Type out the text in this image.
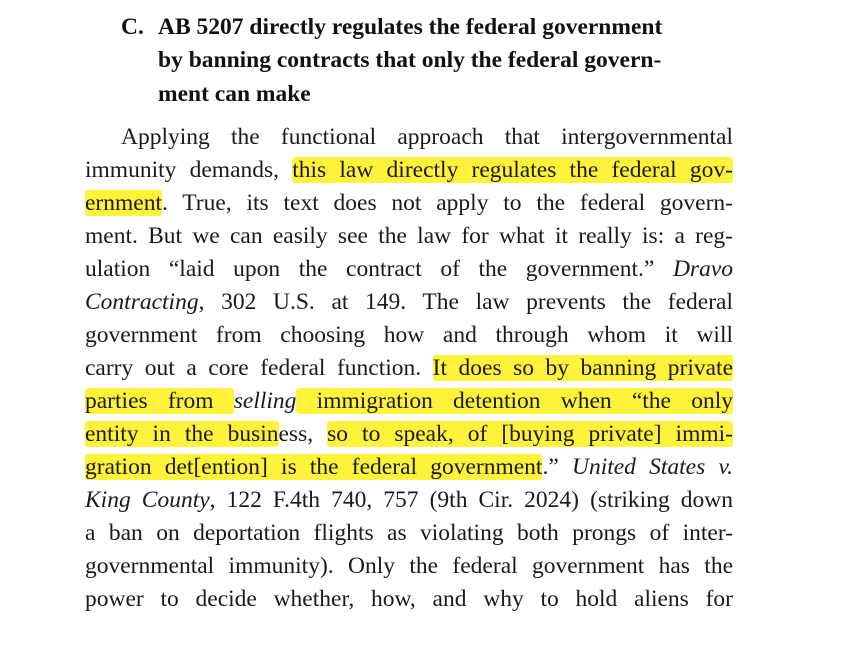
C. AB 5207 directly regulates the federal government
by banning contracts that only the federal govern-
ment can make
Applying the functional approach that intergovernmental
immunity demands, this law directly regulates the federal gov-
ernment. True, its text does not apply to the federal govern-
ment. But we can easily see the law for what it really is: a reg-
ulation “laid upon the contract of the government.” Dravo
Contracting, 302 U.S. at 149. The law prevents the federal
government from choosing how and through whom it will
carry out a core federal function. It does so by banning private
parties from selling immigration detention when “the only
entity in the business, so to speak, of [buying private] immi-
gration det[ention] is the federal government.” United States v.
King County, 122 F.4th 740, 757 (9th Cir. 2024) (striking down
a ban on deportation flights as violating both prongs of inter-
governmental immunity). Only the federal government has the
power to decide whether, how, and why to hold aliens for
